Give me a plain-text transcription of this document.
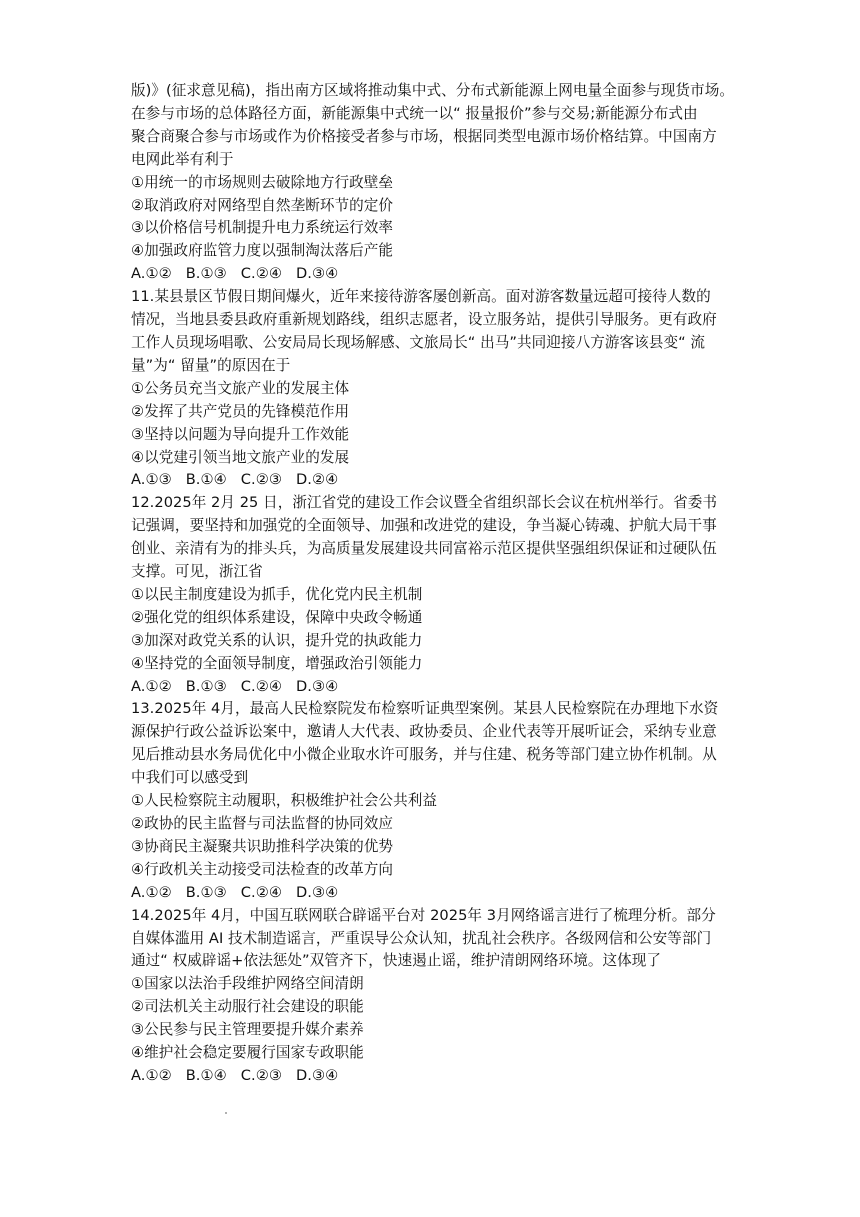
版)》(征求意见稿)，指出南方区域将推动集中式、分布式新能源上网电量全面参与现货市场。
在参与市场的总体路径方面，新能源集中式统一以“ 报量报价”参与交易;新能源分布式由
聚合商聚合参与市场或作为价格接受者参与市场，根据同类型电源市场价格结算。中国南方
电网此举有利于
①用统一的市场规则去破除地方行政壁垒
②取消政府对网络型自然垄断环节的定价
③以价格信号机制提升电力系统运行效率
④加强政府监管力度以强制淘汰落后产能
A.①② B.①③ C.②④ D.③④
11.某县景区节假日期间爆火，近年来接待游客屡创新高。面对游客数量远超可接待人数的
情况，当地县委县政府重新规划路线，组织志愿者，设立服务站，提供引导服务。更有政府
工作人员现场唱歌、公安局局长现场解感、文旅局长“ 出马”共同迎接八方游客该县变“ 流
量”为“ 留量”的原因在于
①公务员充当文旅产业的发展主体
②发挥了共产党员的先锋模范作用
③坚持以问题为导向提升工作效能
④以党建引领当地文旅产业的发展
A.①③ B.①④ C.②③ D.②④
12.2025年 2月 25 日，浙江省党的建设工作会议暨全省组织部长会议在杭州举行。省委书
记强调，要坚持和加强党的全面领导、加强和改进党的建设，争当凝心铸魂、护航大局干事
创业、亲清有为的排头兵，为高质量发展建设共同富裕示范区提供坚强组织保证和过硬队伍
支撑。可见，浙江省
①以民主制度建设为抓手，优化党内民主机制
②强化党的组织体系建设，保障中央政令畅通
③加深对政党关系的认识，提升党的执政能力
④坚持党的全面领导制度，增强政治引领能力
A.①② B.①③ C.②④ D.③④
13.2025年 4月，最高人民检察院发布检察听证典型案例。某县人民检察院在办理地下水资
源保护行政公益诉讼案中，邀请人大代表、政协委员、企业代表等开展听证会，采纳专业意
见后推动县水务局优化中小微企业取水许可服务，并与住建、税务等部门建立协作机制。从
中我们可以感受到
①人民检察院主动履职，积极维护社会公共利益
②政协的民主监督与司法监督的协同效应
③协商民主凝聚共识助推科学决策的优势
④行政机关主动接受司法检查的改革方向
A.①② B.①③ C.②④ D.③④
14.2025年 4月，中国互联网联合辟谣平台对 2025年 3月网络谣言进行了梳理分析。部分
自媒体滥用 AI 技术制造谣言，严重误导公众认知，扰乱社会秩序。各级网信和公安等部门
通过“ 权威辟谣+依法惩处”双管齐下，快速遏止谣，维护清朗网络环境。这体现了
①国家以法治手段维护网络空间清朗
②司法机关主动服行社会建设的职能
③公民参与民主管理要提升媒介素养
④维护社会稳定要履行国家专政职能
A.①② B.①④ C.②③ D.③④
